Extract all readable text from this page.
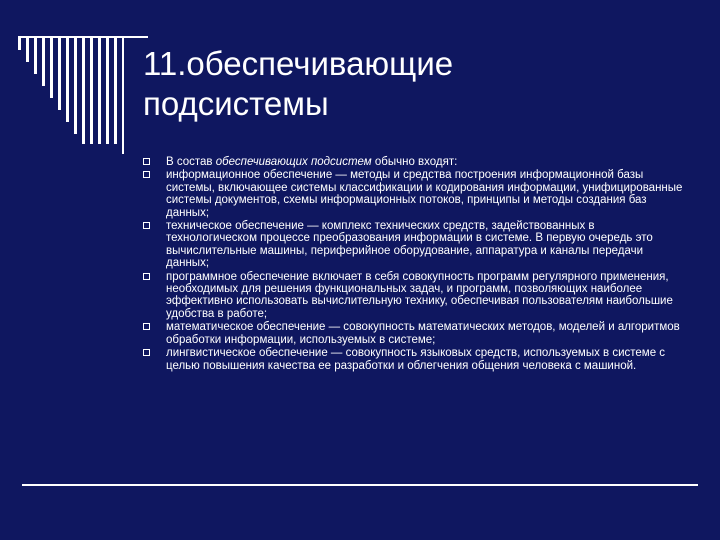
11.обеспечивающие
подсистемы
В состав обеспечивающих подсистем обычно входят:
информационное обеспечение — методы и средства построения информационной базы системы, включающее системы классификации и кодирования информации, унифицированные системы документов, схемы информационных потоков, принципы и методы создания баз данных;
техническое обеспечение — комплекс технических средств, задействованных в технологическом процессе преобразования информации в системе. В первую очередь это вычислительные машины, периферийное оборудование, аппаратура и каналы передачи данных;
программное обеспечение включает в себя совокупность программ регулярного применения, необходимых для решения функциональных задач, и программ, позволяющих наиболее эффективно использовать вычислительную технику, обеспечивая пользователям наибольшие удобства в работе;
математическое обеспечение — совокупность математических методов, моделей и алгоритмов обработки информации, используемых в системе;
лингвистическое обеспечение — совокупность языковых средств, используемых в системе с целью повышения качества ее разработки и облегчения общения человека с машиной.
